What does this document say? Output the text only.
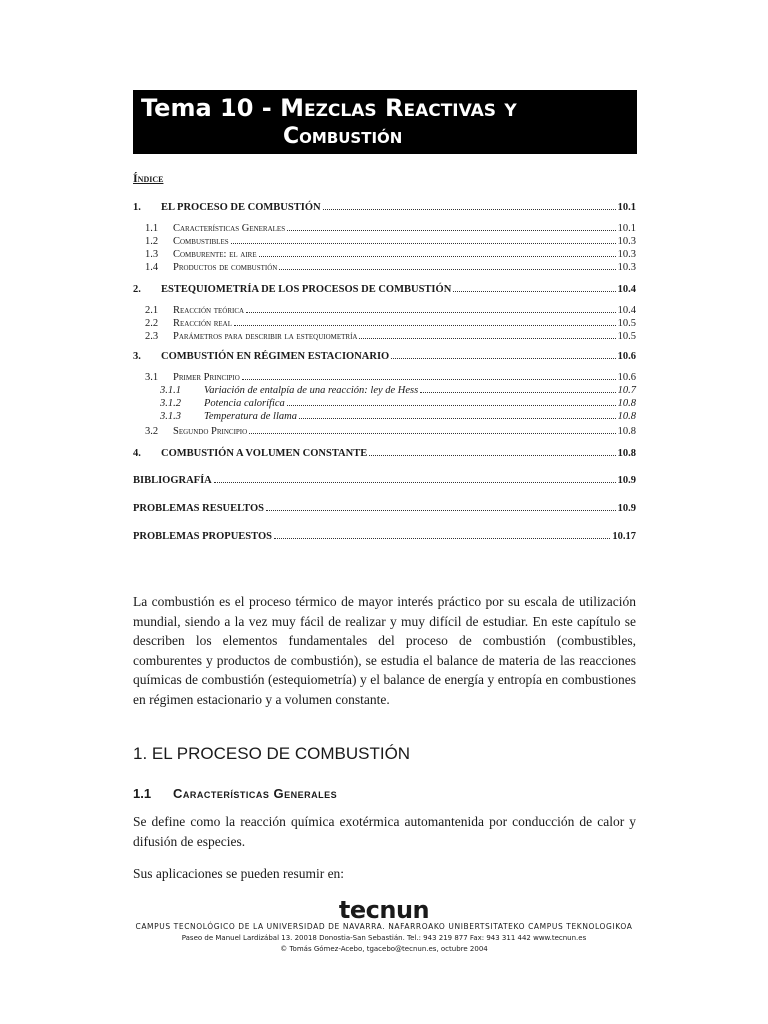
Tema 10 - Mezclas Reactivas y
Combustión
Índice
1.	EL PROCESO DE COMBUSTIÓN	10.1
1.1	Características Generales	10.1
1.2	Combustibles	10.3
1.3	Comburente: el aire	10.3
1.4	Productos de combustión	10.3
2.	ESTEQUIOMETRÍA DE LOS PROCESOS DE COMBUSTIÓN	10.4
2.1	Reacción teórica	10.4
2.2	Reacción real	10.5
2.3	Parámetros para describir la estequiometría	10.5
3.	COMBUSTIÓN EN RÉGIMEN ESTACIONARIO	10.6
3.1	Primer Principio	10.6
3.1.1	Variación de entalpía de una reacción: ley de Hess	10.7
3.1.2	Potencia calorífica	10.8
3.1.3	Temperatura de llama	10.8
3.2	Segundo Principio	10.8
4.	COMBUSTIÓN A VOLUMEN CONSTANTE	10.8
BIBLIOGRAFÍA	10.9
PROBLEMAS RESUELTOS	10.9
PROBLEMAS PROPUESTOS	10.17
La combustión es el proceso térmico de mayor interés práctico por su escala de utilización mundial, siendo a la vez muy fácil de realizar y muy difícil de estudiar. En este capítulo se describen los elementos fundamentales del proceso de combustión (combustibles, comburentes y productos de combustión), se estudia el balance de materia de las reacciones químicas de combustión (estequiometría) y el balance de energía y entropía en combustiones en régimen estacionario y a volumen constante.
1. EL PROCESO DE COMBUSTIÓN
1.1 Características Generales
Se define como la reacción química exotérmica automantenida por conducción de calor y difusión de especies.
Sus aplicaciones se pueden resumir en:
tecnun
CAMPUS TECNOLÓGICO DE LA UNIVERSIDAD DE NAVARRA. NAFARROAKO UNIBERTSITATEKO CAMPUS TEKNOLOGIKOA
Paseo de Manuel Lardizábal 13. 20018 Donostia-San Sebastián. Tel.: 943 219 877 Fax: 943 311 442 www.tecnun.es
© Tomás Gómez-Acebo, tgacebo@tecnun.es, octubre 2004
